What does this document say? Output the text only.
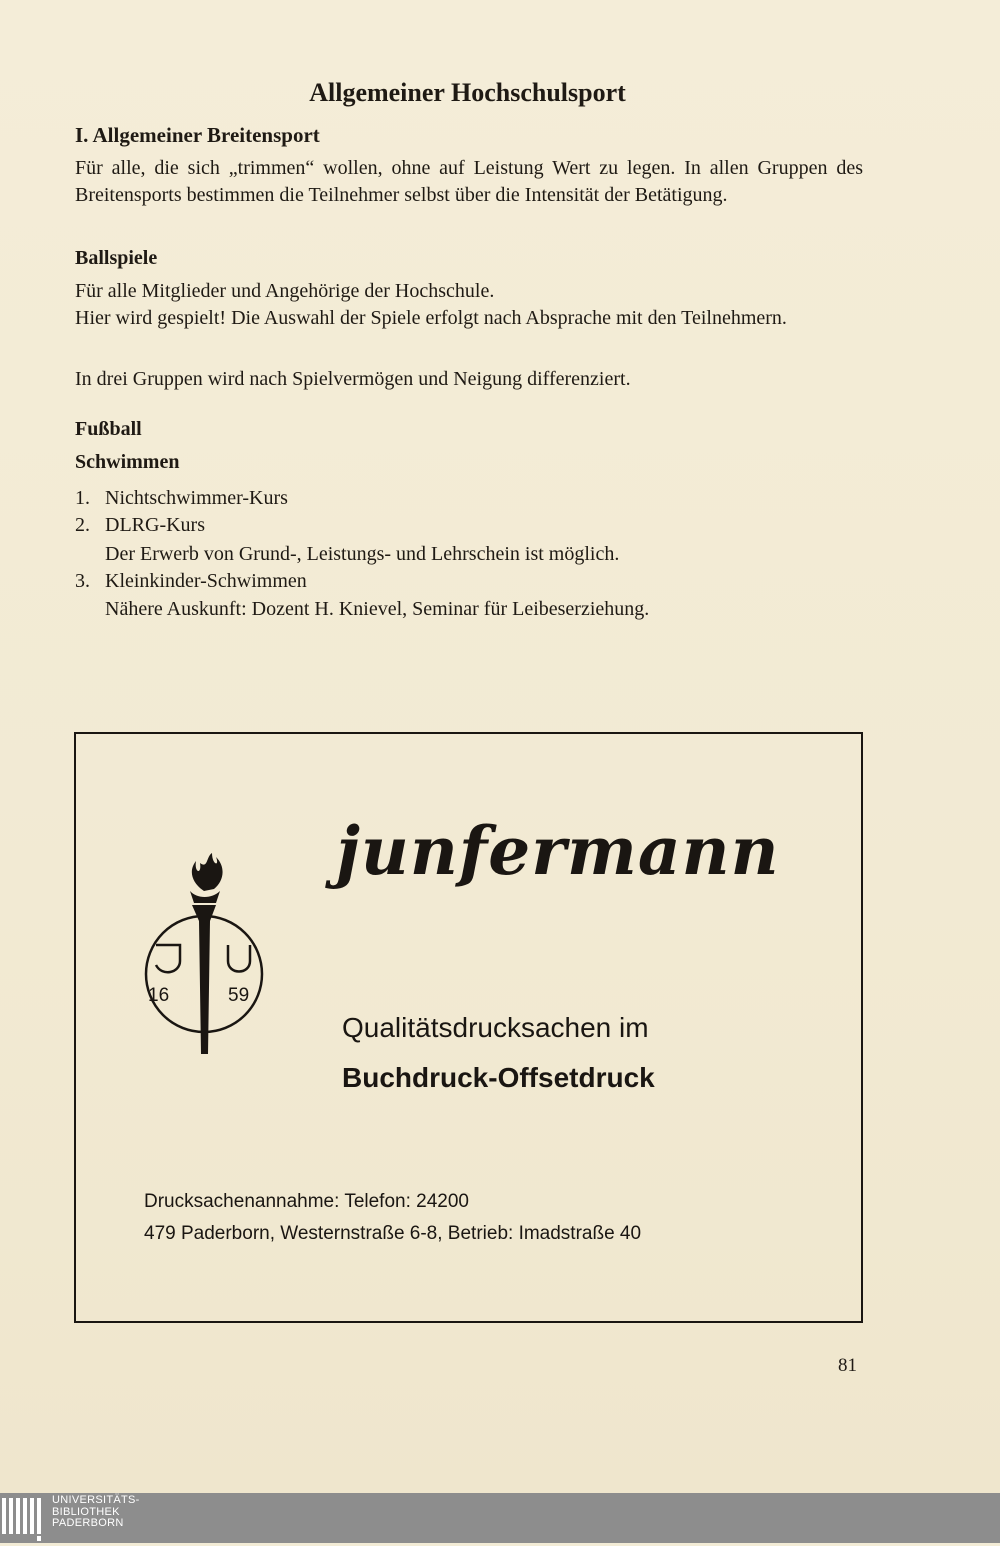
Allgemeiner Hochschulsport
I. Allgemeiner Breitensport
Für alle, die sich „trimmen“ wollen, ohne auf Leistung Wert zu legen. In allen Gruppen des Breitensports bestimmen die Teilnehmer selbst über die Intensität der Betätigung.
Ballspiele
Für alle Mitglieder und Angehörige der Hochschule.
Hier wird gespielt! Die Auswahl der Spiele erfolgt nach Absprache mit den Teilnehmern.
In drei Gruppen wird nach Spielvermögen und Neigung differenziert.
Fußball
Schwimmen
1. Nichtschwimmer-Kurs
2. DLRG-Kurs
Der Erwerb von Grund-, Leistungs- und Lehrschein ist möglich.
3. Kleinkinder-Schwimmen
Nähere Auskunft: Dozent H. Knievel, Seminar für Leibeserziehung.
junfermann
16	59
Qualitätsdrucksachen im
Buchdruck-Offsetdruck
Drucksachenannahme: Telefon: 24200
479 Paderborn, Westernstraße 6-8, Betrieb: Imadstraße 40
81
UNIVERSITÄTS-
BIBLIOTHEK
PADERBORN
